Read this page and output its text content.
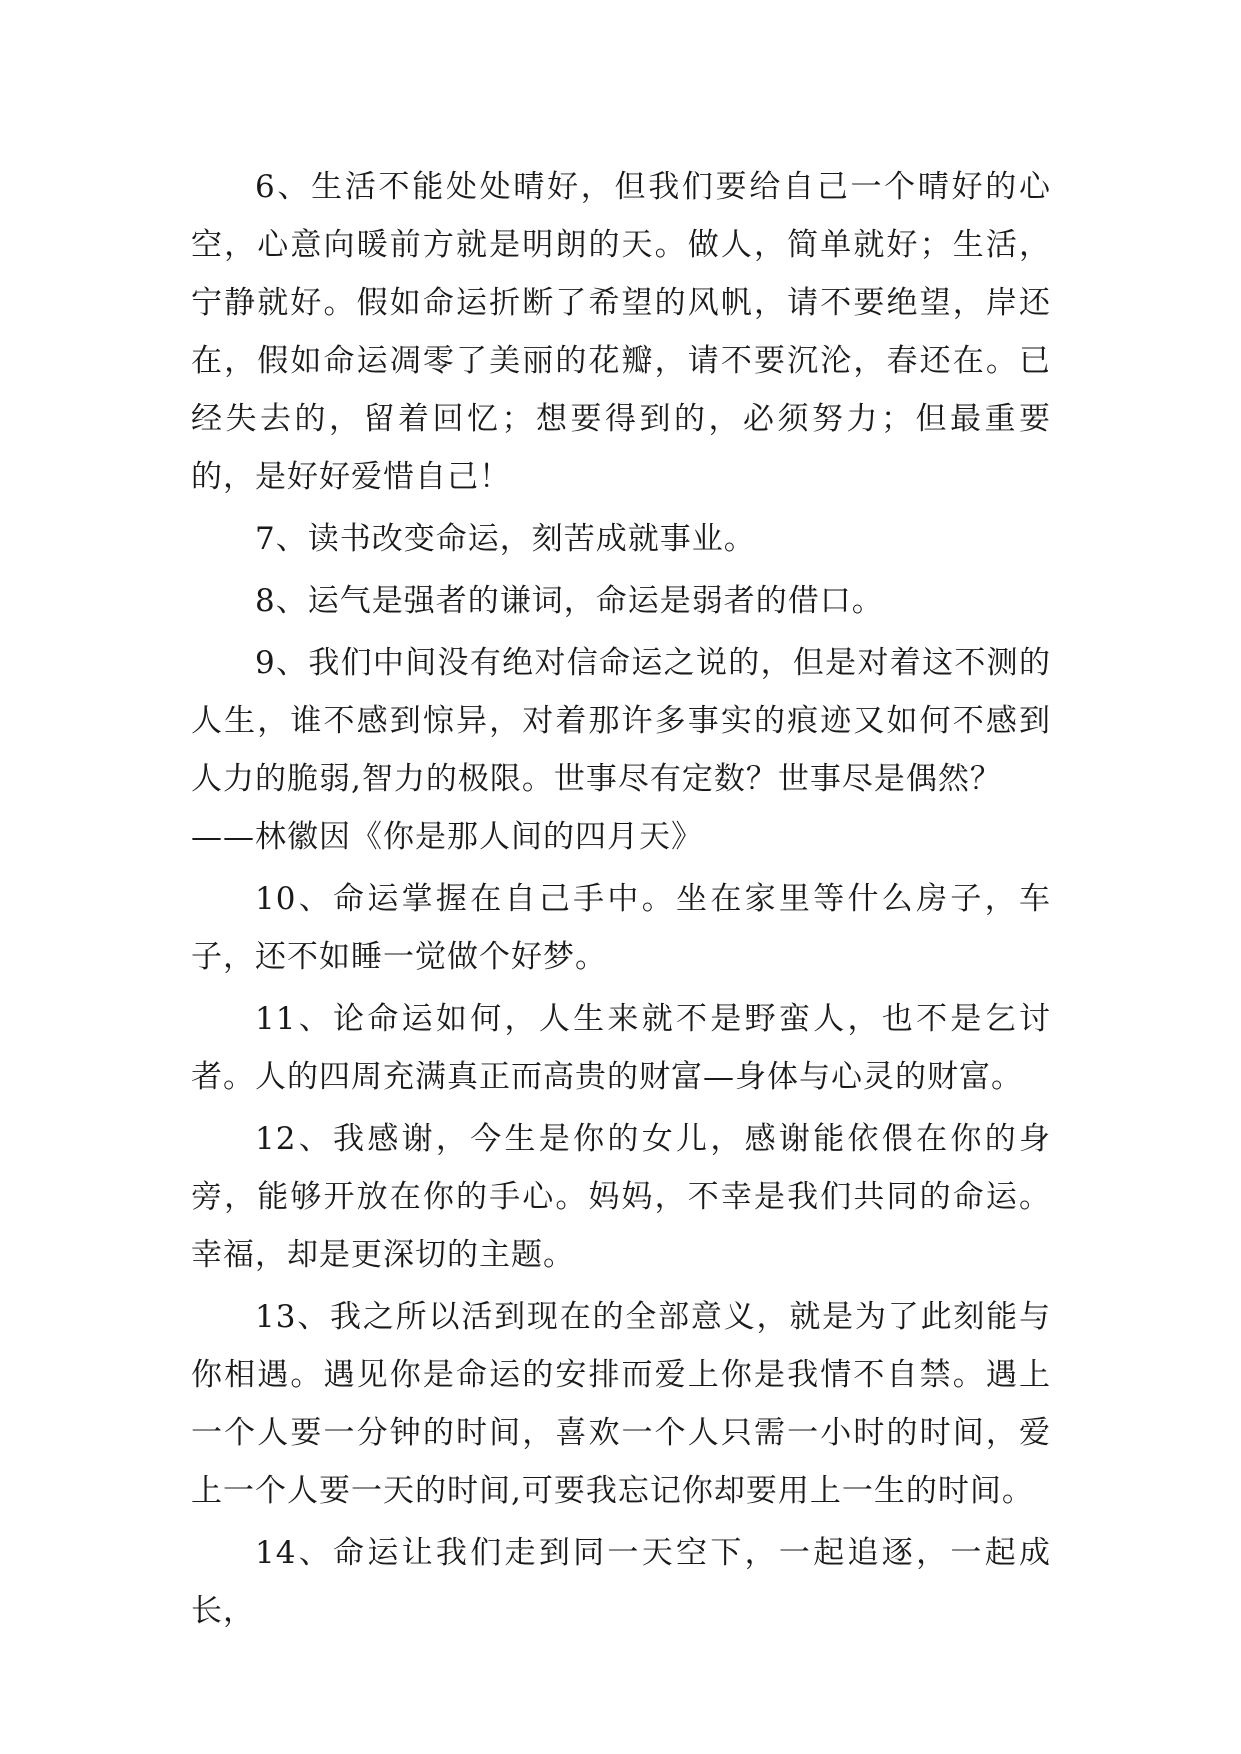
6、生活不能处处晴好，但我们要给自己一个晴好的心空，心意向暖前方就是明朗的天。做人，简单就好；生活，宁静就好。假如命运折断了希望的风帆，请不要绝望，岸还在，假如命运凋零了美丽的花瓣，请不要沉沦，春还在。已经失去的，留着回忆；想要得到的，必须努力；但最重要的，是好好爱惜自己！

7、读书改变命运，刻苦成就事业。

8、运气是强者的谦词，命运是弱者的借口。

9、我们中间没有绝对信命运之说的，但是对着这不测的人生，谁不感到惊异，对着那许多事实的痕迹又如何不感到人力的脆弱,智力的极限。世事尽有定数？世事尽是偶然？

——林徽因《你是那人间的四月天》

10、命运掌握在自己手中。坐在家里等什么房子，车子，还不如睡一觉做个好梦。

11、论命运如何，人生来就不是野蛮人，也不是乞讨者。人的四周充满真正而高贵的财富—身体与心灵的财富。

12、我感谢，今生是你的女儿，感谢能依偎在你的身旁，能够开放在你的手心。妈妈，不幸是我们共同的命运。幸福，却是更深切的主题。

13、我之所以活到现在的全部意义，就是为了此刻能与你相遇。遇见你是命运的安排而爱上你是我情不自禁。遇上一个人要一分钟的时间，喜欢一个人只需一小时的时间，爱上一个人要一天的时间,可要我忘记你却要用上一生的时间。

14、命运让我们走到同一天空下，一起追逐，一起成长，
